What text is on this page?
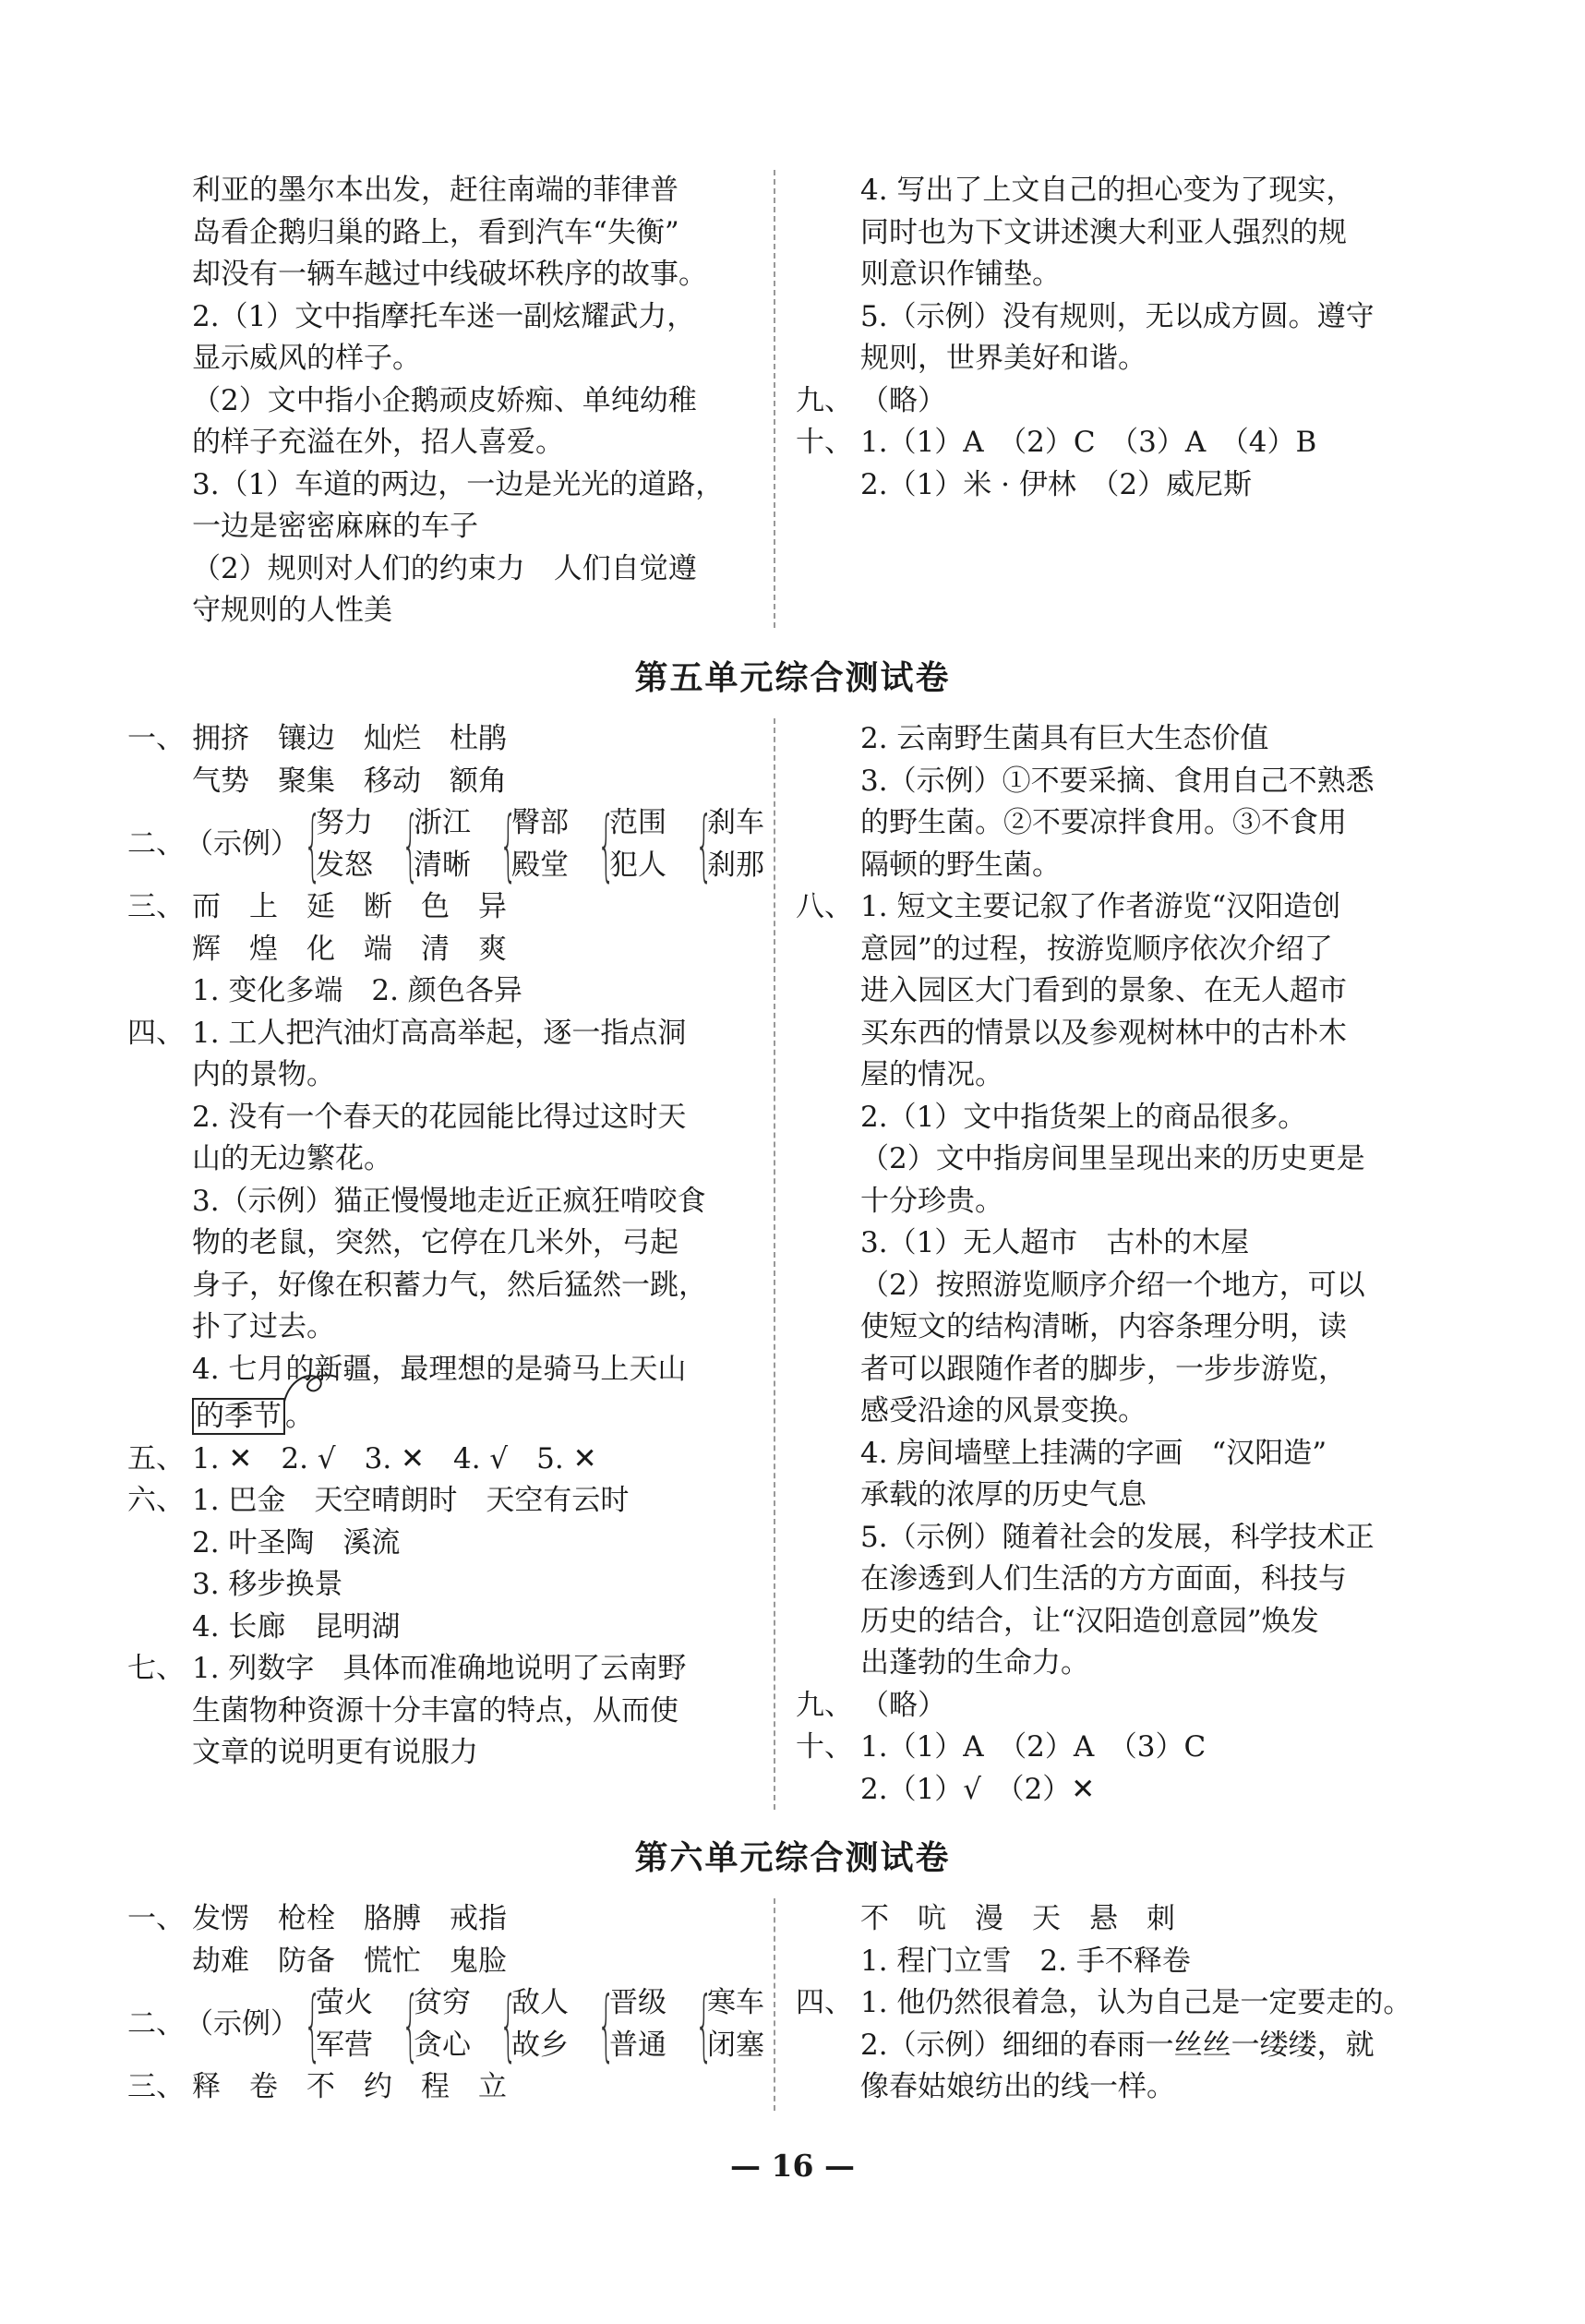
利亚的墨尔本出发，赶往南端的菲律普

岛看企鹅归巢的路上，看到汽车“失衡”

却没有一辆车越过中线破坏秩序的故事。

2.（1）文中指摩托车迷一副炫耀武力，

显示威风的样子。

（2）文中指小企鹅顽皮娇痴、单纯幼稚

的样子充溢在外，招人喜爱。

3.（1）车道的两边，一边是光光的道路，

一边是密密麻麻的车子

（2）规则对人们的约束力　人们自觉遵

守规则的人性美

4. 写出了上文自己的担心变为了现实，

同时也为下文讲述澳大利亚人强烈的规

则意识作铺垫。

5.（示例）没有规则，无以成方圆。遵守

规则，世界美好和谐。

九、 （略）

十、 1.（1）A　（2）C　（3）A　（4）B

2.（1）米 · 伊林　（2）威尼斯

第五单元综合测试卷

一、 拥挤　镶边　灿烂　杜鹃

气势　聚集　移动　额角

二、 （示例） {
努力
发怒 {
浙江
清晰 {
臀部
殿堂 {
范围
犯人 {
刹车
刹那

三、 而　上　延　断　色　异

辉　煌　化　端　清　爽

1. 变化多端　2. 颜色各异

四、 1. 工人把汽油灯高高举起，逐一指点洞

内的景物。

2. 没有一个春天的花园能比得过这时天

山的无边繁花。

3.（示例）猫正慢慢地走近正疯狂啃咬食

物的老鼠，突然，它停在几米外，弓起

身子，好像在积蓄力气，然后猛然一跳，

扑了过去。

4. 七月的新疆，最理想的是骑马上天山

的季节 。

五、 1. ✕　2. √　3. ✕　4. √　5. ✕

六、 1. 巴金　天空晴朗时　天空有云时

2. 叶圣陶　溪流

3. 移步换景

4. 长廊　昆明湖

七、 1. 列数字　具体而准确地说明了云南野

生菌物种资源十分丰富的特点，从而使

文章的说明更有说服力

2. 云南野生菌具有巨大生态价值

3.（示例）①不要采摘、食用自己不熟悉

的野生菌。②不要凉拌食用。③不食用

隔顿的野生菌。

八、 1. 短文主要记叙了作者游览“汉阳造创

意园”的过程，按游览顺序依次介绍了

进入园区大门看到的景象、在无人超市

买东西的情景以及参观树林中的古朴木

屋的情况。

2.（1）文中指货架上的商品很多。

（2）文中指房间里呈现出来的历史更是

十分珍贵。

3.（1）无人超市　古朴的木屋

（2）按照游览顺序介绍一个地方，可以

使短文的结构清晰，内容条理分明，读

者可以跟随作者的脚步，一步步游览，

感受沿途的风景变换。

4. 房间墙壁上挂满的字画　“汉阳造”

承载的浓厚的历史气息

5.（示例）随着社会的发展，科学技术正

在渗透到人们生活的方方面面，科技与

历史的结合，让“汉阳造创意园”焕发

出蓬勃的生命力。

九、 （略）

十、 1.（1）A　（2）A　（3）C

2.（1）√　（2）✕

第六单元综合测试卷

一、 发愣　枪栓　胳膊　戒指

劫难　防备　慌忙　鬼脸

二、 （示例） {
萤火
军营 {
贫穷
贪心 {
敌人
故乡 {
晋级
普通 {
寒车
闭塞

三、 释　卷　不　约　程　立

不　吭　漫　天　悬　刺

1. 程门立雪　2. 手不释卷

四、 1. 他仍然很着急，认为自己是一定要走的。

2.（示例）细细的春雨一丝丝一缕缕，就

像春姑娘纺出的线一样。

— 16 —
